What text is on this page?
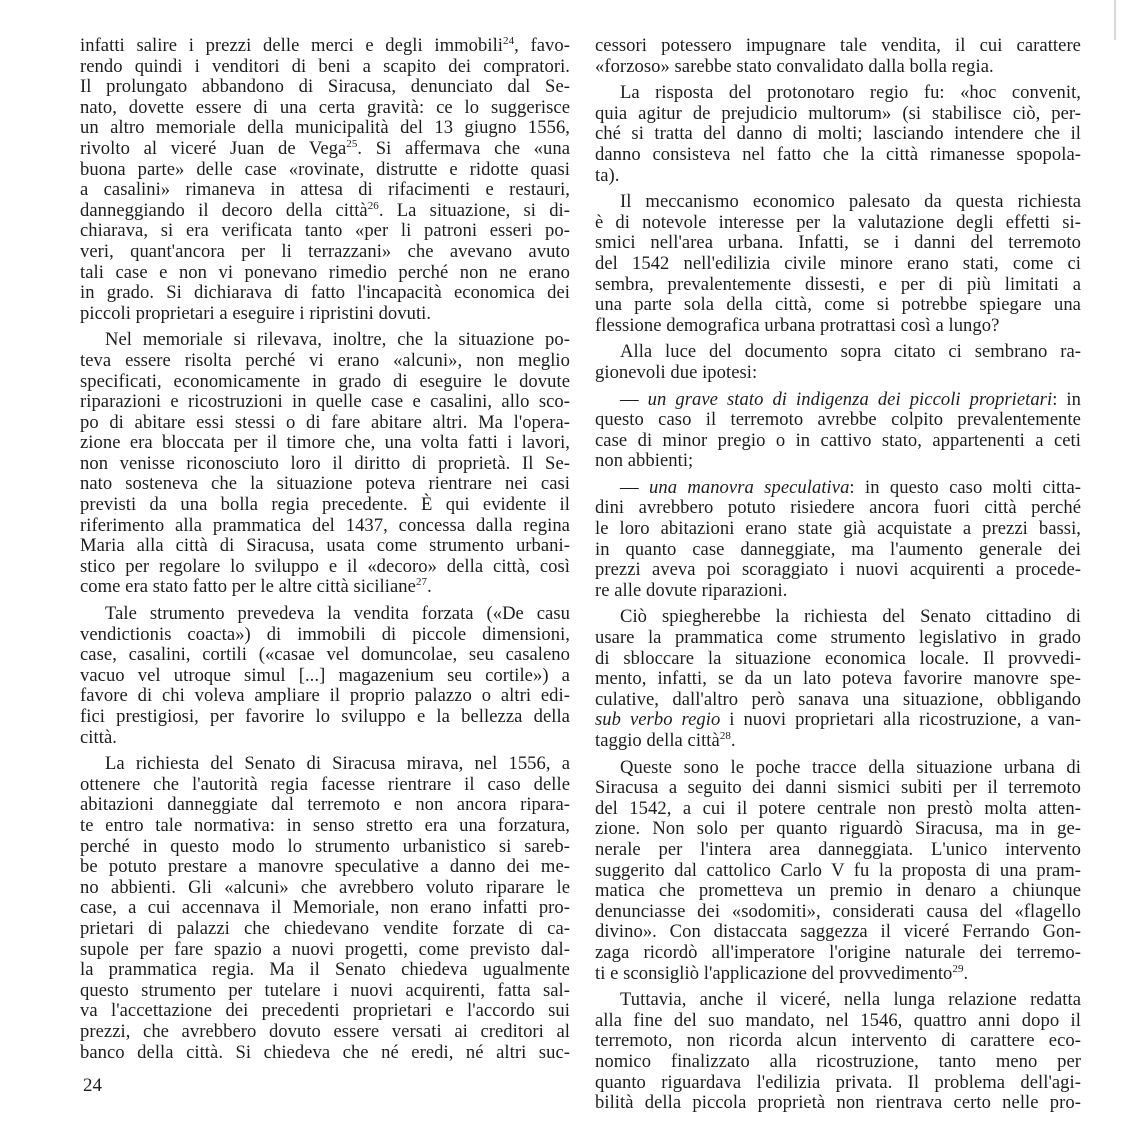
infatti salire i prezzi delle merci e degli immobili$^{24}$, favo-
rendo quindi i venditori di beni a scapito dei compratori.
Il prolungato abbandono di Siracusa, denunciato dal Se-
nato, dovette essere di una certa gravità: ce lo suggerisce
un altro memoriale della municipalità del 13 giugno 1556,
rivolto al viceré Juan de Vega$^{25}$. Si affermava che «una
buona parte» delle case «rovinate, distrutte e ridotte quasi
a casalini» rimaneva in attesa di rifacimenti e restauri,
danneggiando il decoro della città$^{26}$. La situazione, si di-
chiarava, si era verificata tanto «per li patroni esseri po-
veri, quant'ancora per li terrazzani» che avevano avuto
tali case e non vi ponevano rimedio perché non ne erano
in grado. Si dichiarava di fatto l'incapacità economica dei
piccoli proprietari a eseguire i ripristini dovuti.
Nel memoriale si rilevava, inoltre, che la situazione po-
teva essere risolta perché vi erano «alcuni», non meglio
specificati, economicamente in grado di eseguire le dovute
riparazioni e ricostruzioni in quelle case e casalini, allo sco-
po di abitare essi stessi o di fare abitare altri. Ma l'opera-
zione era bloccata per il timore che, una volta fatti i lavori,
non venisse riconosciuto loro il diritto di proprietà. Il Se-
nato sosteneva che la situazione poteva rientrare nei casi
previsti da una bolla regia precedente. È qui evidente il
riferimento alla prammatica del 1437, concessa dalla regina
Maria alla città di Siracusa, usata come strumento urbani-
stico per regolare lo sviluppo e il «decoro» della città, così
come era stato fatto per le altre città siciliane$^{27}$.
Tale strumento prevedeva la vendita forzata («De casu
vendictionis coacta») di immobili di piccole dimensioni,
case, casalini, cortili («casae vel domuncolae, seu casaleno
vacuo vel utroque simul [...] magazenium seu cortile») a
favore di chi voleva ampliare il proprio palazzo o altri edi-
fici prestigiosi, per favorire lo sviluppo e la bellezza della
città.
La richiesta del Senato di Siracusa mirava, nel 1556, a
ottenere che l'autorità regia facesse rientrare il caso delle
abitazioni danneggiate dal terremoto e non ancora ripara-
te entro tale normativa: in senso stretto era una forzatura,
perché in questo modo lo strumento urbanistico si sareb-
be potuto prestare a manovre speculative a danno dei me-
no abbienti. Gli «alcuni» che avrebbero voluto riparare le
case, a cui accennava il Memoriale, non erano infatti pro-
prietari di palazzi che chiedevano vendite forzate di ca-
supole per fare spazio a nuovi progetti, come previsto dal-
la prammatica regia. Ma il Senato chiedeva ugualmente
questo strumento per tutelare i nuovi acquirenti, fatta sal-
va l'accettazione dei precedenti proprietari e l'accordo sui
prezzi, che avrebbero dovuto essere versati ai creditori al
banco della città. Si chiedeva che né eredi, né altri suc-
cessori potessero impugnare tale vendita, il cui carattere
«forzoso» sarebbe stato convalidato dalla bolla regia.
La risposta del protonotaro regio fu: «hoc convenit,
quia agitur de prejudicio multorum» (si stabilisce ciò, per-
ché si tratta del danno di molti; lasciando intendere che il
danno consisteva nel fatto che la città rimanesse spopola-
ta).
Il meccanismo economico palesato da questa richiesta
è di notevole interesse per la valutazione degli effetti si-
smici nell'area urbana. Infatti, se i danni del terremoto
del 1542 nell'edilizia civile minore erano stati, come ci
sembra, prevalentemente dissesti, e per di più limitati a
una parte sola della città, come si potrebbe spiegare una
flessione demografica urbana protrattasi così a lungo?
Alla luce del documento sopra citato ci sembrano ra-
gionevoli due ipotesi:
— un grave stato di indigenza dei piccoli proprietari: in
questo caso il terremoto avrebbe colpito prevalentemente
case di minor pregio o in cattivo stato, appartenenti a ceti
non abbienti;
— una manovra speculativa: in questo caso molti citta-
dini avrebbero potuto risiedere ancora fuori città perché
le loro abitazioni erano state già acquistate a prezzi bassi,
in quanto case danneggiate, ma l'aumento generale dei
prezzi aveva poi scoraggiato i nuovi acquirenti a procede-
re alle dovute riparazioni.
Ciò spiegherebbe la richiesta del Senato cittadino di
usare la prammatica come strumento legislativo in grado
di sbloccare la situazione economica locale. Il provvedi-
mento, infatti, se da un lato poteva favorire manovre spe-
culative, dall'altro però sanava una situazione, obbligando
sub verbo regio i nuovi proprietari alla ricostruzione, a van-
taggio della città$^{28}$.
Queste sono le poche tracce della situazione urbana di
Siracusa a seguito dei danni sismici subiti per il terremoto
del 1542, a cui il potere centrale non prestò molta atten-
zione. Non solo per quanto riguardò Siracusa, ma in ge-
nerale per l'intera area danneggiata. L'unico intervento
suggerito dal cattolico Carlo V fu la proposta di una pram-
matica che prometteva un premio in denaro a chiunque
denunciasse dei «sodomiti», considerati causa del «flagello
divino». Con distaccata saggezza il viceré Ferrando Gon-
zaga ricordò all'imperatore l'origine naturale dei terremo-
ti e sconsigliò l'applicazione del provvedimento$^{29}$.
Tuttavia, anche il viceré, nella lunga relazione redatta
alla fine del suo mandato, nel 1546, quattro anni dopo il
terremoto, non ricorda alcun intervento di carattere eco-
nomico finalizzato alla ricostruzione, tanto meno per
quanto riguardava l'edilizia privata. Il problema dell'agi-
bilità della piccola proprietà non rientrava certo nelle pro-
24
